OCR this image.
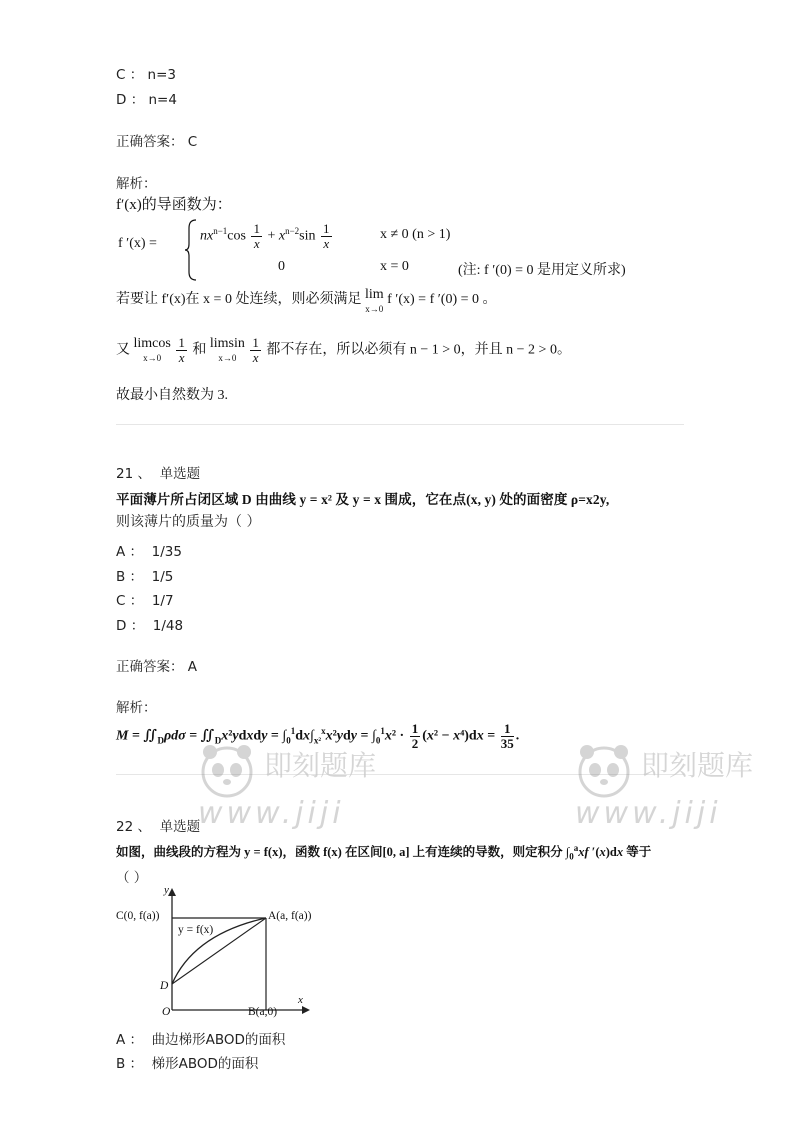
C ： n=3
D ： n=4
正确答案： C
解析：
f′(x)的导函数为：
f ′(x) =	$nx^{n-1}\cos \frac{1}{x} + x^{n-2}\sin \frac{1}{x}$	x ≠ 0 (n > 1)
0	x = 0	(注: f ′(0) = 0 是用定义所求)
若要让 f′(x)在 x = 0 处连续，则必须满足 lim
x→0 f ′(x) = f ′(0) = 0 。
又 limcos
$x\to 0 \frac{1}{x}$ 和 limsin
$x\to 0 \frac{1}{x}$ 都不存在，所以必须有 n − 1 > 0，并且 n − 2 > 0。
故最小自然数为 3.
21 、 单选题
平面薄片所占闭区域 D 由曲线 y = x² 及 y = x 围成，它在点(x, y) 处的面密度 ρ=x2y,
则该薄片的质量为（ ）
A ：  1/35
B ：  1/5
C ：  1/7
D ：  1/48
正确答案： A
解析：
$M = ∬_D\rho d\sigma$ = $∬_Dx^2ydxdy = \int_0^1dx\int_{x^2}^xx^2ydy = \int_0^1x^2 \cdot \frac{1}{2} (x^2 - x^4)dx = \frac{1}{35}$ .
即刻题库
www.jiji
即刻题库
www.jiji
22 、 单选题
如图，曲线段的方程为 y = f(x)，函数 f(x) 在区间[0, a] 上有连续的导数，则定积分 $\int_0^axf$ ′(x)dx 等于
（ ）
y
x
C(0, f(a))	A(a, f(a))
y = f(x)
D
O	B(a,0)
A ：  曲边梯形ABOD的面积
B ：  梯形ABOD的面积
